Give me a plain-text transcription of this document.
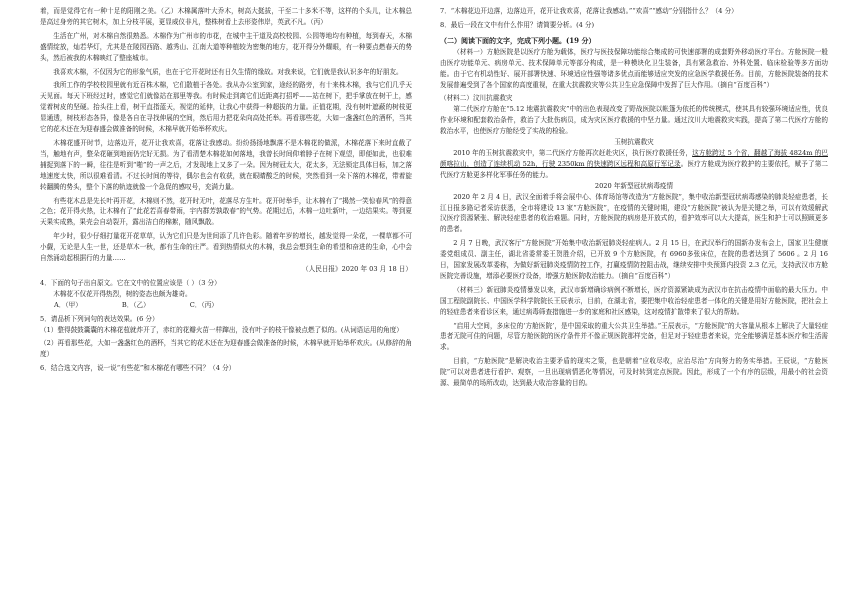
着，而是觉得它有一种十足的阳刚之美。（乙）木棉属落叶大乔木，树高大挺拔，干至二十多米不等，这样的个头儿，让木棉总是高过身旁的其它树木，加上分枝平展，更显威仪非凡，整株树看上去形姿伟岸，英武不凡。（丙）

生活在广州，对木棉自然很熟悉。木棉作为广州市的市花，在城中主干道及高校校园、公园等地均有种植，每到春天，木棉盛情绽放，灿若华灯，尤其是在陵园西路、越秀山、江南大道等种植较为密集的地方，花开得分外耀眼，有一种要点燃春天的势头，然后被我的木棉映红了整座城市。

我喜欢木棉，不仅因为它的形象气质，也在于它开花时还有日久生情的缘故。对我来说，它们就是我认识多年的好朋友。

我所工作的学校校园里就有近百株木棉，它们散植于各处。我从办公室到家，途经的路旁，有十来株木棉，我与它们几乎天天见面。每天下班经过时，感觉它们就像站在那里等我。有时候走到离它们近距离打招呼——站在树下，把手掌放在树干上，感觉着树皮的坚硬。抬头往上看，树干直指蓝天，视觉的延伸，让我心中获得一种超拔的力量。正值花期，没有树叶遮蔽的树枝更显通透，树枝形态各异，像是各自在寻找伸展的空间，然后用力把花朵向高处托举。再看那些花，大如一盏盏红色的酒杯，当其它的花木还在为迎春盛会做准备的时候，木棉早就开始举杯欢庆。

木棉花盛开时节，边落边开，花开让我欢喜，花落让我感动。纷纷扬扬地飘落不是木棉花的做派，木棉花落下来时直截了当，触地有声，整朵花砸到地面仍完好无损。为了看清楚木棉花如何落地，我曾长时间仰着脖子在树下观望，即便如此，也很难捕捉到落下的一瞬，往往是听到“啪”的一声之后，才发现地上又多了一朵。因为树冠太大，花太多，无法锁定具体目标，加之落地速度太快，所以很难看清。不过长时间的等待，偶尔也会有收获，就在眼睛酸乏的时候，突然看到一朵下落的木棉花，带着旋转翻腾的势头，整个下落的轨迹就像一个急促的感叹号，充满力量。

有些花木总是先长叶再开花，木棉则不然，花开时无叶，花落尽方生叶。花开时举手，让木棉有了“揭然一笑惊春风”的得意之色；花开得火热，让木棉有了“此花若喜春带雨，宇内群芳孰敢春”的气势。花期过后，木棉一边吐新叶，一边结果实。等到夏天果实成熟，果壳会自动裂开，露出洁白的棉絮，随风飘散。

年少时，很少仔细打量花开花草草，认为它们只是为世间添了几许色彩。随着年岁的增长，越发觉得一朵花，一棵草都不可小觑，无论是人生一世，还是草木一秋，都有生命的庄严。看到热情似火的木棉，我总会想到生命的希望和奋进的生命，心中会自然涌动起根据行的力量……

（人民日报》2020 年 03 月 18 日）

4．下面的句子出自原文。它在文中的位置应该是（ ）（3 分）

木棉花不仅花开得热烈，树的姿态也颇为雄奇。

A．（甲）	B．（乙）	C．（丙）

5．请品析下列词句的表达效果。(6 分）

（1）整得鼓鼓囊囊的木棉花苞就炸开了，赤红的花瓣火苗一样蹿出，没有叶子的枝干像被点燃了似的。(从词语运用的角度）

（2）再看那些花，大如一盏盏红色的酒杯，当其它的花木还在为迎春盛会做准备的时候，木棉早就开始举杯欢庆。(从修辞的角度）

6．结合选文内容，说一说“有些花”和木棉花有哪些不同？（4 分）

7．“木棉花边开边落，边落边开，花开让我欢喜，花落让我感动。”“欢喜”“感动”分别指什么？（4 分）

8．最后一段在文中有什么作用？请简要分析。(4 分)

（二）阅读下面的文字，完成下列小题。(19 分）

（材料一）方舱医院是以医疗方舱为载体，医疗与医技保障功能综合集成的可快速部署的成套野外移动医疗平台。方舱医院一般由医疗功能单元、病房单元、技术保障单元等部分构成，是一种模块化卫生装备，具有紧急救治、外科处置、临床检验等多方面功能。由于它有机动性好、展开部署快速、环境适应性强等诸多优点而能够适应突发的应急医学救援任务。目前，方舱医院装备的技术发展普遍受到了各个国家的高度重视，在重大抗震救灾等公共卫生应急保障中发挥了巨大作用。（摘自“百度百科”）

（材料二）汶川抗震救灾

第二代医疗方舱在“5.12 地震抗震救灾”中的出色表现改变了野战医院以帐篷为依托的传统模式，使其具有较强环境适应性，优良作业环境和配套救治条件，救治了大批伤病员，成为灾区医疗救援的中坚力量。通过汶川大地震救灾实践，提高了第二代医疗方舱的救治水平，也使医疗方舱经受了实战的检验。

玉树抗震救灾

2010 年的玉树抗震救灾中，第二代医疗方舱再次赶赴灾区，执行医疗救援任务，这方舱跨过 5 个省，翻越了海拔 4824m 的巴颜喀拉山，创造了连续机动 52h，行驶 2350km 的快速跨区远程和高原行军记录。医疗方舱成为医疗救护的主要依托，赋予了第二代医疗方舱更多样化军事任务的能力。

2020 年新型冠状病毒疫情

2020 年 2 月 4 日，武汉全面着手将会展中心、体育场馆等改造为“方舱医院”，集中收治新型冠状病毒感染的肺炎轻症患者，长江日报多路记者采访获悉，全市将建设 13 家“方舱医院”，在疫情的关键时期，建设“方舱医院”被认为是关键之举，可以有效缓解武汉医疗资源紧张、解决轻症患者的收治难题。同时，方舱医院的病房是开放式的，看护效率可以大大提高，医生和护士可以照顾更多的患者。

2 月 7 日晚，武汉客厅“方舱医院”开始集中收治新冠肺炎轻症病人。2 月 15 日，在武汉举行的国新办发布会上，国家卫生健康委党组成员、副主任，湖北省委常委王贺胜介绍，已开放 9 个方舱医院，有 6960多张床位，在院的患者达到了 5606 。2 月 16 日，国家发展改革委称，为做好新冠肺炎疫情防控工作，打赢疫情防控阻击战，继续安排中央预算内投资 2.3 亿元，支持武汉市方舱医院完善设施，增添必要医疗设备，增强方舱医院收治能力。（摘自“百度百科”）

（材料三）新冠肺炎疫情暴发以来，武汉市新增确诊病例不断增长，医疗资源紧缺成为武汉市在抗击疫情中面临的最大压力。中国工程院副院长、中国医学科学院院长王辰表示，目前，在湖北省，要把集中收治轻症患者一体化的关键是用好方舱医院，把社会上的轻症患者来看诊区来，通过病毒筛查措施进一步的家庭和社区感染，这对疫情扩散带来了很大的帮助。

“启用大空间，多床位的‘方舱医院’，是中国采取的重大公共卫生举措。”王辰表示，“方舱医院”的大容量从根本上解决了大量轻症患者无院可住的问题，尽管方舱医院的医疗条件并不像正规医院那样完备，但足对于轻症患者来说，完全能够满足基本医疗和生活需求。

目前，“方舱医院”是解决收治主要矛盾的现实之策，也是朝着“应收尽收，应治尽治”方向努力的务实举措。王辰说，“方舱医院”可以对患者进行看护、观察，一旦出现病情恶化等情况，可及时转到定点医院。因此，形成了一个有序的层级，用最小的社会资源、最简单的场所改动，达到最大收治容量的目的。
